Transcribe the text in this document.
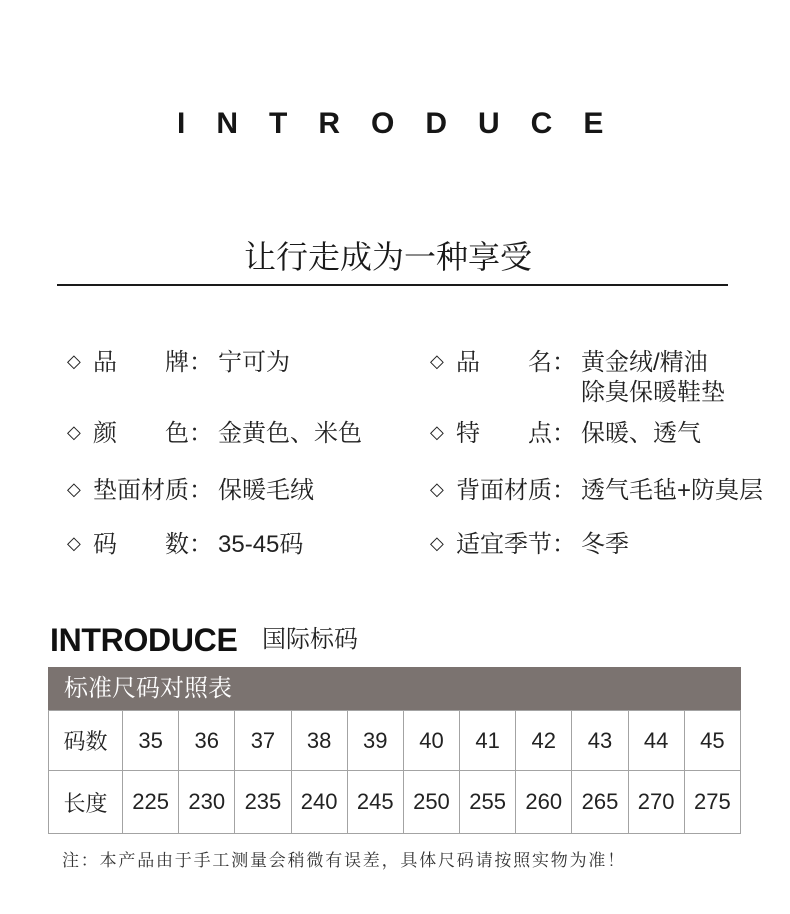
INTRODUCE
让行走成为一种享受
◇ 品牌 ： 宁可为
◇ 颜色 ： 金黄色、米色
◇ 垫面材质 ： 保暖毛绒
◇ 码数 ： 35-45码
◇ 品名 ： 黄金绒/精油
除臭保暖鞋垫
◇ 特点 ： 保暖、透气
◇ 背面材质 ： 透气毛毡+防臭层
◇ 适宜季节 ： 冬季
INTRODUCE 国际标码
标准尺码对照表
码数	35	36	37	38	39	40	41	42	43	44	45
长度	225	230	235	240	245	250	255	260	265	270	275
注：本产品由于手工测量会稍微有误差，具体尺码请按照实物为准！
